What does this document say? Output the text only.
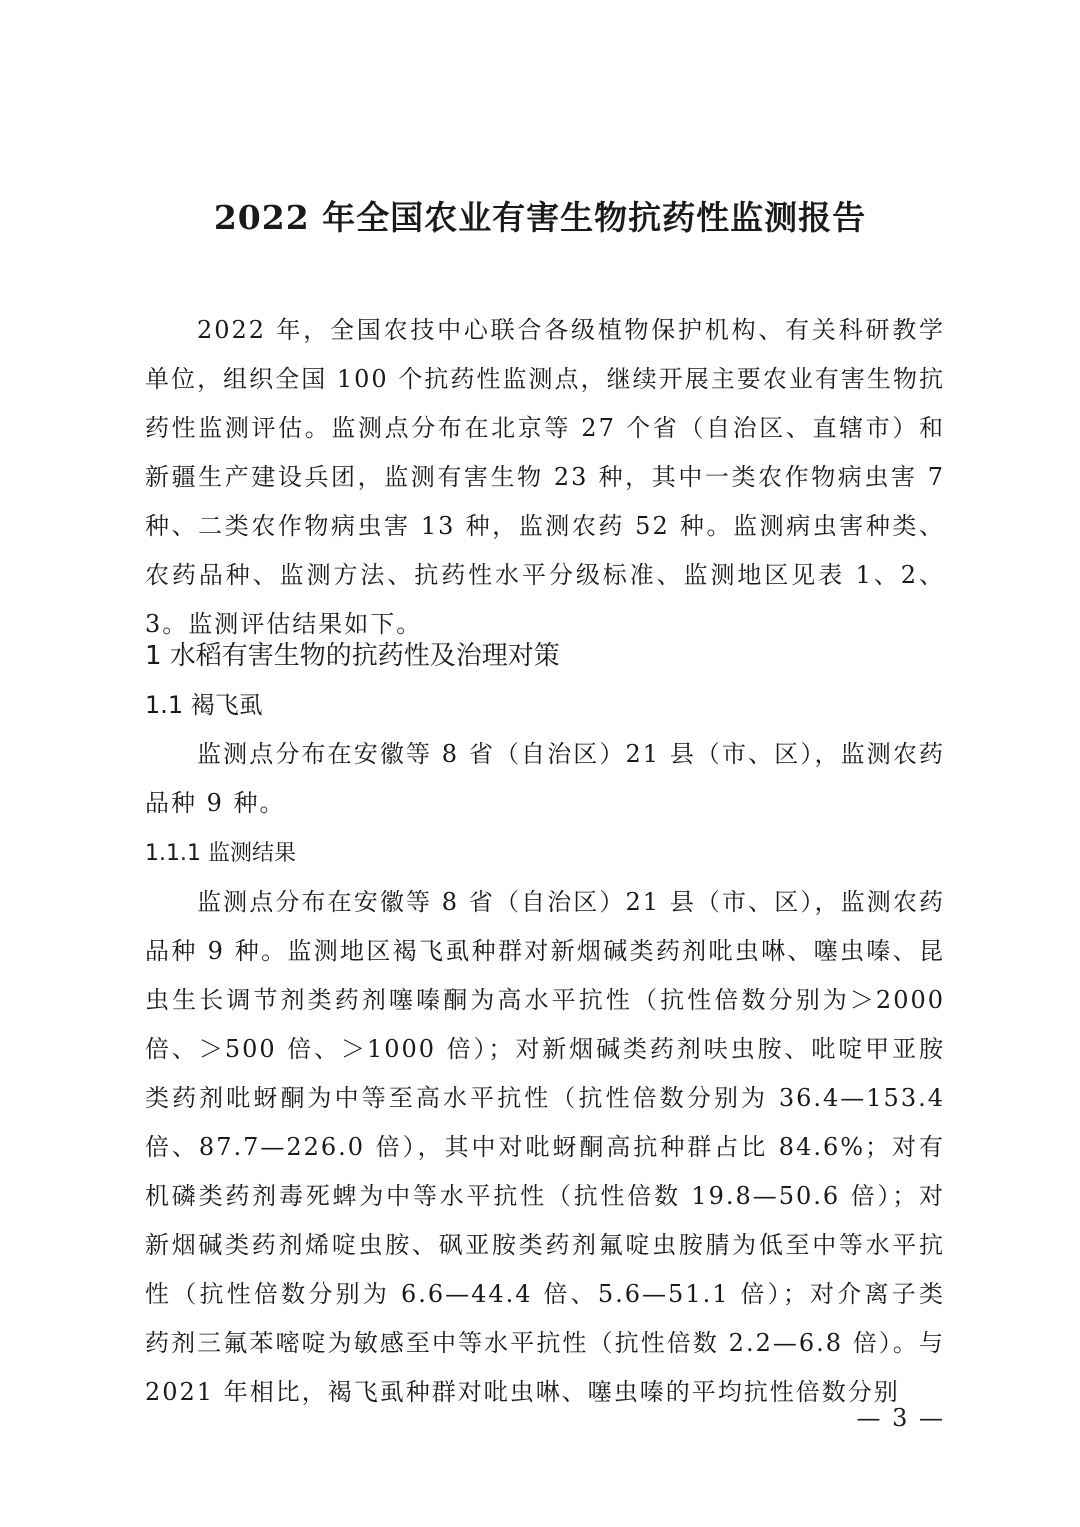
2022 年全国农业有害生物抗药性监测报告

2022 年，全国农技中心联合各级植物保护机构、有关科研教学单位，组织全国 100 个抗药性监测点，继续开展主要农业有害生物抗药性监测评估。监测点分布在北京等 27 个省（自治区、直辖市）和新疆生产建设兵团，监测有害生物 23 种，其中一类农作物病虫害 7 种、二类农作物病虫害 13 种，监测农药 52 种。监测病虫害种类、农药品种、监测方法、抗药性水平分级标准、监测地区见表 1、2、3。监测评估结果如下。

1 水稻有害生物的抗药性及治理对策
1.1 褐飞虱

监测点分布在安徽等 8 省（自治区）21 县（市、区），监测农药品种 9 种。

1.1.1 监测结果

监测点分布在安徽等 8 省（自治区）21 县（市、区），监测农药品种 9 种。监测地区褐飞虱种群对新烟碱类药剂吡虫啉、噻虫嗪、昆虫生长调节剂类药剂噻嗪酮为高水平抗性（抗性倍数分别为＞2000 倍、＞500 倍、＞1000 倍）；对新烟碱类药剂呋虫胺、吡啶甲亚胺类药剂吡蚜酮为中等至高水平抗性（抗性倍数分别为 36.4—153.4 倍、87.7—226.0 倍），其中对吡蚜酮高抗种群占比 84.6%；对有机磷类药剂毒死蜱为中等水平抗性（抗性倍数 19.8—50.6 倍）；对新烟碱类药剂烯啶虫胺、砜亚胺类药剂氟啶虫胺腈为低至中等水平抗性（抗性倍数分别为 6.6—44.4 倍、5.6—51.1 倍）；对介离子类药剂三氟苯嘧啶为敏感至中等水平抗性（抗性倍数 2.2—6.8 倍）。与 2021 年相比，褐飞虱种群对吡虫啉、噻虫嗪的平均抗性倍数分别

— 3 —
